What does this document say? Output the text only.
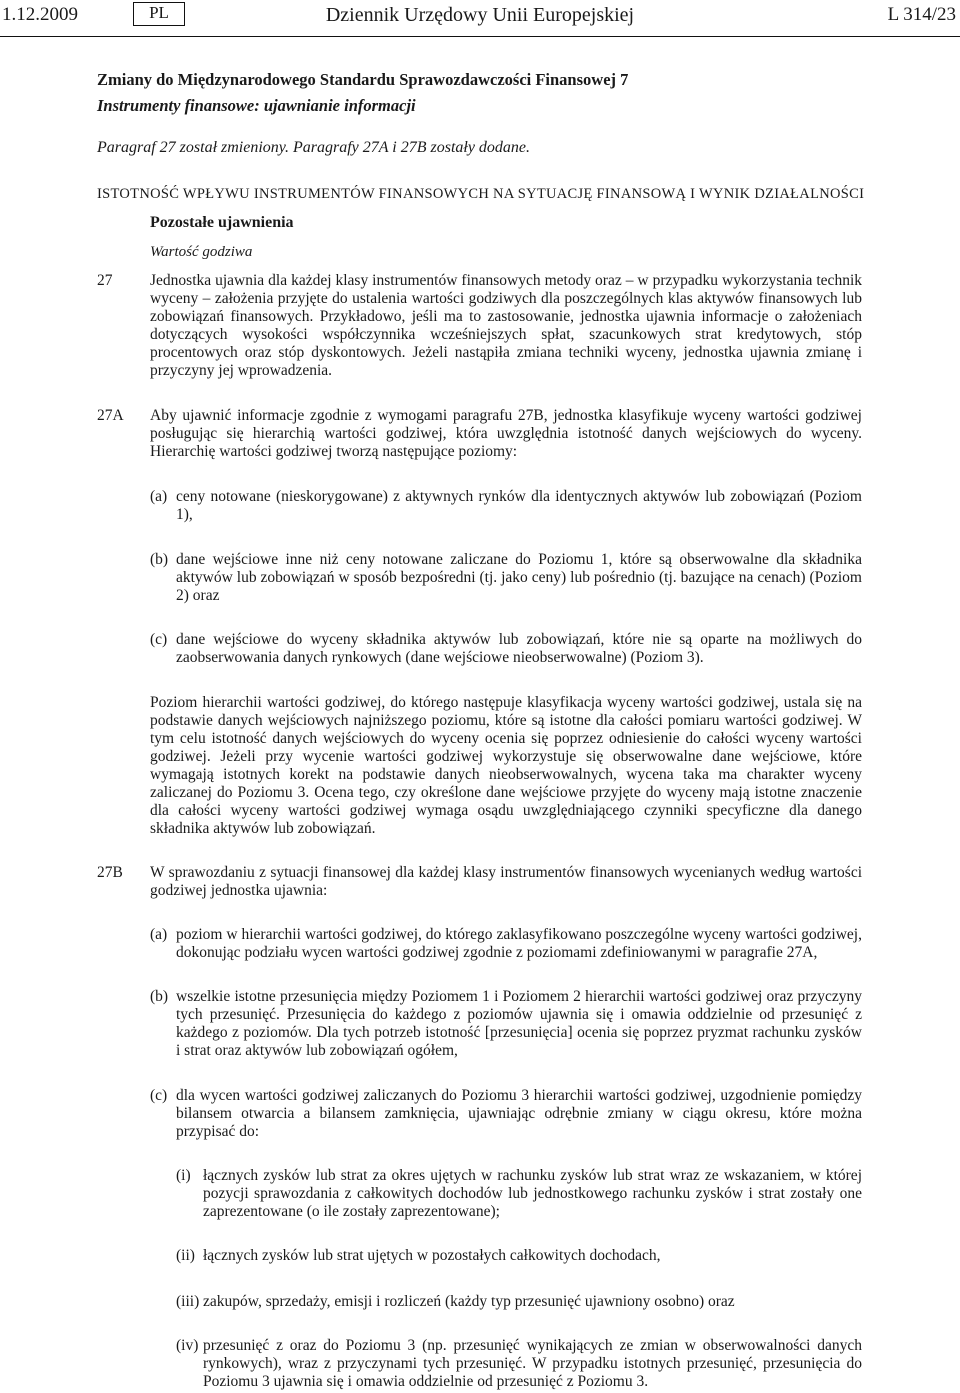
1.12.2009	PL	Dziennik Urzędowy Unii Europejskiej	L 314/23
Zmiany do Międzynarodowego Standardu Sprawozdawczości Finansowej 7
Instrumenty finansowe: ujawnianie informacji
Paragraf 27 został zmieniony. Paragrafy 27A i 27B zostały dodane.
ISTOTNOŚĆ WPŁYWU INSTRUMENTÓW FINANSOWYCH NA SYTUACJĘ FINANSOWĄ I WYNIK DZIAŁALNOŚCI
Pozostałe ujawnienia
Wartość godziwa
27 Jednostka ujawnia dla każdej klasy instrumentów finansowych metody oraz – w przypadku wykorzystania technik wyceny – założenia przyjęte do ustalenia wartości godziwych dla poszczególnych klas aktywów finansowych lub zobowiązań finansowych. Przykładowo, jeśli ma to zastosowanie, jednostka ujawnia informacje o założeniach dotyczących wysokości współczynnika wcześniejszych spłat, szacunkowych strat kredytowych, stóp procentowych oraz stóp dyskontowych. Jeżeli nastąpiła zmiana techniki wyceny, jednostka ujawnia zmianę i przyczyny jej wprowadzenia.
27A Aby ujawnić informacje zgodnie z wymogami paragrafu 27B, jednostka klasyfikuje wyceny wartości godziwej posługując się hierarchią wartości godziwej, która uwzględnia istotność danych wejściowych do wyceny. Hierarchię wartości godziwej tworzą następujące poziomy:
(a) ceny notowane (nieskorygowane) z aktywnych rynków dla identycznych aktywów lub zobowiązań (Poziom 1),
(b) dane wejściowe inne niż ceny notowane zaliczane do Poziomu 1, które są obserwowalne dla składnika aktywów lub zobowiązań w sposób bezpośredni (tj. jako ceny) lub pośrednio (tj. bazujące na cenach) (Poziom 2) oraz
(c) dane wejściowe do wyceny składnika aktywów lub zobowiązań, które nie są oparte na możliwych do zaobserwowania danych rynkowych (dane wejściowe nieobserwowalne) (Poziom 3).
Poziom hierarchii wartości godziwej, do którego następuje klasyfikacja wyceny wartości godziwej, ustala się na podstawie danych wejściowych najniższego poziomu, które są istotne dla całości pomiaru wartości godziwej. W tym celu istotność danych wejściowych do wyceny ocenia się poprzez odniesienie do całości wyceny wartości godziwej. Jeżeli przy wycenie wartości godziwej wykorzystuje się obserwowalne dane wejściowe, które wymagają istotnych korekt na podstawie danych nieobserwowalnych, wycena taka ma charakter wyceny zaliczanej do Poziomu 3. Ocena tego, czy określone dane wejściowe przyjęte do wyceny mają istotne znaczenie dla całości wyceny wartości godziwej wymaga osądu uwzględniającego czynniki specyficzne dla danego składnika aktywów lub zobowiązań.
27B W sprawozdaniu z sytuacji finansowej dla każdej klasy instrumentów finansowych wycenianych według wartości godziwej jednostka ujawnia:
(a) poziom w hierarchii wartości godziwej, do którego zaklasyfikowano poszczególne wyceny wartości godziwej, dokonując podziału wycen wartości godziwej zgodnie z poziomami zdefiniowanymi w paragrafie 27A,
(b) wszelkie istotne przesunięcia między Poziomem 1 i Poziomem 2 hierarchii wartości godziwej oraz przyczyny tych przesunięć. Przesunięcia do każdego z poziomów ujawnia się i omawia oddzielnie od przesunięć z każdego z poziomów. Dla tych potrzeb istotność [przesunięcia] ocenia się poprzez pryzmat rachunku zysków i strat oraz aktywów lub zobowiązań ogółem,
(c) dla wycen wartości godziwej zaliczanych do Poziomu 3 hierarchii wartości godziwej, uzgodnienie pomiędzy bilansem otwarcia a bilansem zamknięcia, ujawniając odrębnie zmiany w ciągu okresu, które można przypisać do:
(i) łącznych zysków lub strat za okres ujętych w rachunku zysków lub strat wraz ze wskazaniem, w której pozycji sprawozdania z całkowitych dochodów lub jednostkowego rachunku zysków i strat zostały one zaprezentowane (o ile zostały zaprezentowane);
(ii) łącznych zysków lub strat ujętych w pozostałych całkowitych dochodach,
(iii) zakupów, sprzedaży, emisji i rozliczeń (każdy typ przesunięć ujawniony osobno) oraz
(iv) przesunięć z oraz do Poziomu 3 (np. przesunięć wynikających ze zmian w obserwowalności danych rynkowych), wraz z przyczynami tych przesunięć. W przypadku istotnych przesunięć, przesunięcia do Poziomu 3 ujawnia się i omawia oddzielnie od przesunięć z Poziomu 3.
